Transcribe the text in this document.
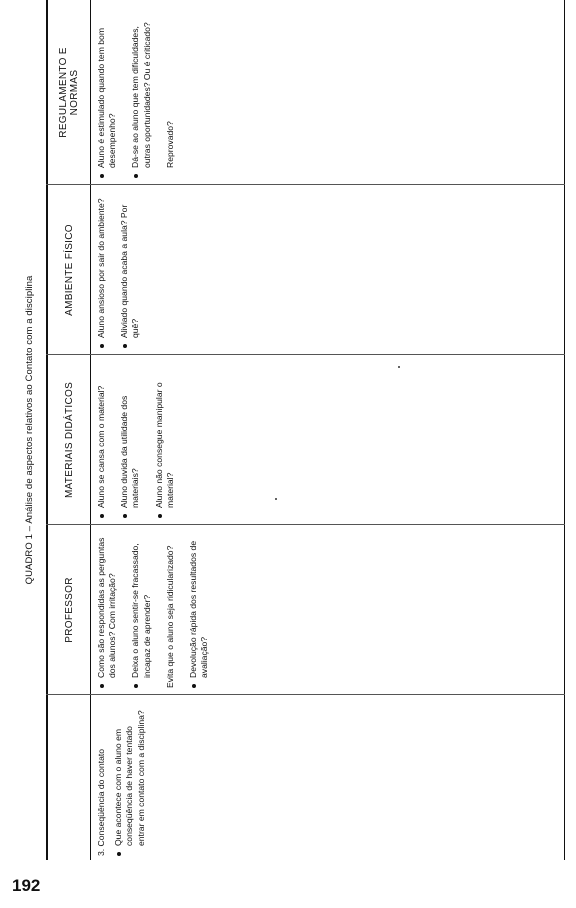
QUADRO 1 – Análise de aspectos relativos ao Contato com a disciplina
PROFESSOR
MATERIAIS DIDÁTICOS
AMBIENTE FÍSICO
REGULAMENTO E NORMAS
3. Conseqüência do contato Que acontece com o aluno em conseqüência de haver tentado entrar em contato com a disciplina?
Como são respondidas as perguntas dos alunos? Com irritação? Deixa o aluno sentir-se fracassado, incapaz de aprender? Evita que o aluno seja ridicularizado? Devolução rápida dos resultados de avaliação?
Aluno se cansa com o material? Aluno duvida da utilidade dos materiais? Aluno não consegue manipular o material?
Aluno ansioso por sair do ambiente? Aliviado quando acaba a aula? Por quê?
Aluno é estimulado quando tem bom desempenho? Dá-se ao aluno que tem dificuldades, outras oportunidades? Ou é criticado? Reprovado?
192
